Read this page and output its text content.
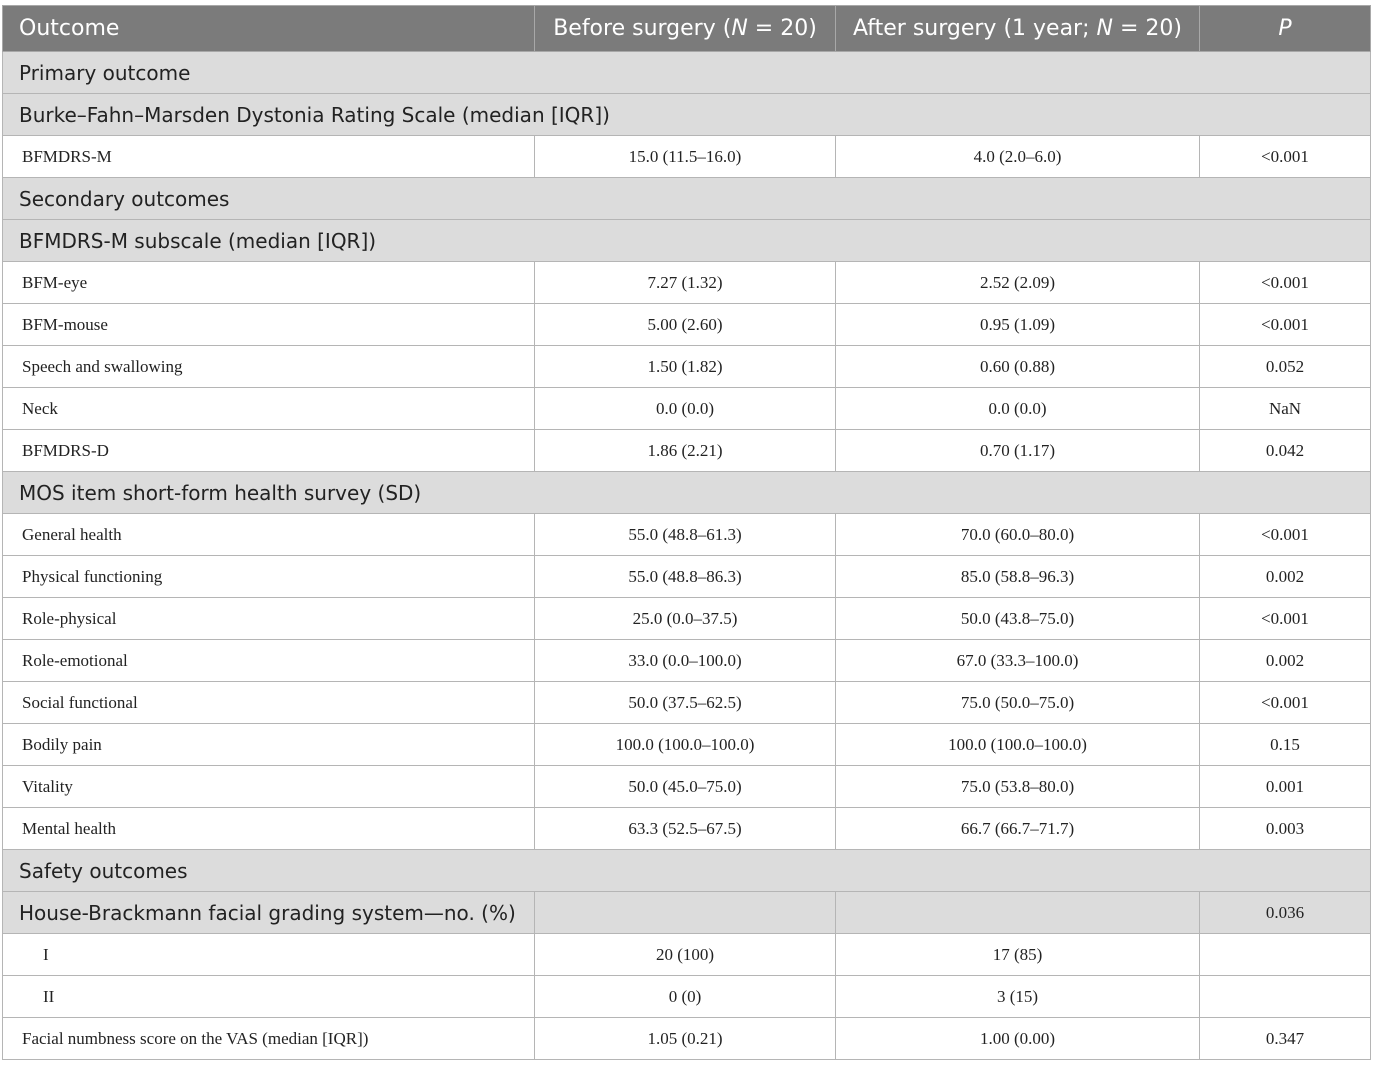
Outcome	Before surgery (N = 20)	After surgery (1 year; N = 20)	P
Primary outcome			
Burke–Fahn–Marsden Dystonia Rating Scale (median [IQR])			
BFMDRS-M	15.0 (11.5–16.0)	4.0 (2.0–6.0)	<0.001
Secondary outcomes			
BFMDRS-M subscale (median [IQR])			
BFM-eye	7.27 (1.32)	2.52 (2.09)	<0.001
BFM-mouse	5.00 (2.60)	0.95 (1.09)	<0.001
Speech and swallowing	1.50 (1.82)	0.60 (0.88)	0.052
Neck	0.0 (0.0)	0.0 (0.0)	NaN
BFMDRS-D	1.86 (2.21)	0.70 (1.17)	0.042
MOS item short-form health survey (SD)			
General health	55.0 (48.8–61.3)	70.0 (60.0–80.0)	<0.001
Physical functioning	55.0 (48.8–86.3)	85.0 (58.8–96.3)	0.002
Role-physical	25.0 (0.0–37.5)	50.0 (43.8–75.0)	<0.001
Role-emotional	33.0 (0.0–100.0)	67.0 (33.3–100.0)	0.002
Social functional	50.0 (37.5–62.5)	75.0 (50.0–75.0)	<0.001
Bodily pain	100.0 (100.0–100.0)	100.0 (100.0–100.0)	0.15
Vitality	50.0 (45.0–75.0)	75.0 (53.8–80.0)	0.001
Mental health	63.3 (52.5–67.5)	66.7 (66.7–71.7)	0.003
Safety outcomes			
House-Brackmann facial grading system—no. (%)			0.036
I	20 (100)	17 (85)	
II	0 (0)	3 (15)	
Facial numbness score on the VAS (median [IQR])	1.05 (0.21)	1.00 (0.00)	0.347
